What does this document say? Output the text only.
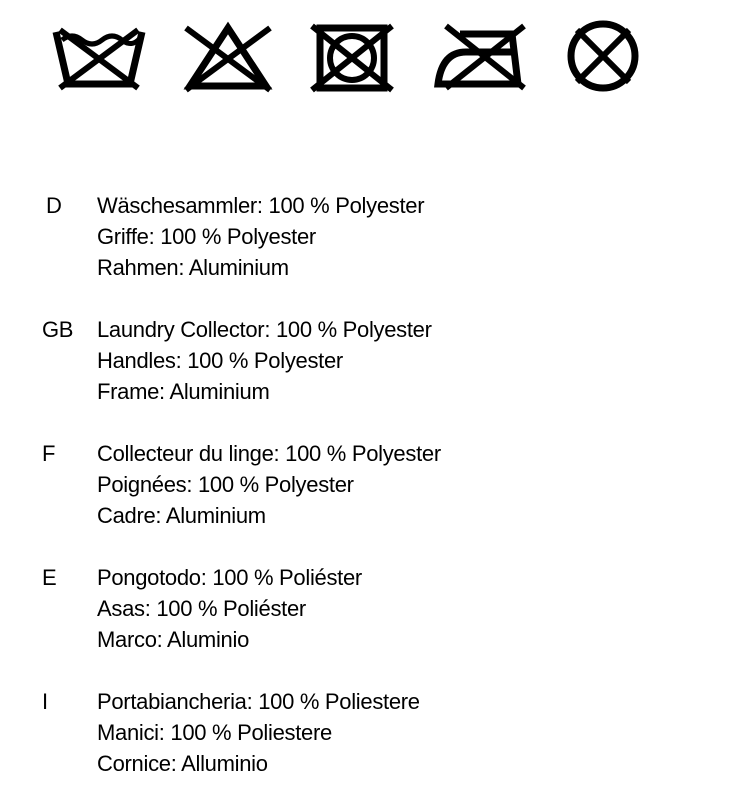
D	Wäschesammler: 100 % Polyester
Griffe: 100 % Polyester
Rahmen: Aluminium
GB	Laundry Collector: 100 % Polyester
Handles: 100 % Polyester
Frame: Aluminium
F	Collecteur du linge: 100 % Polyester
Poignées: 100 % Polyester
Cadre: Aluminium
E	Pongotodo: 100 % Poliéster
Asas: 100 % Poliéster
Marco: Aluminio
I	Portabiancheria: 100 % Poliestere
Manici: 100 % Poliestere
Cornice: Alluminio
